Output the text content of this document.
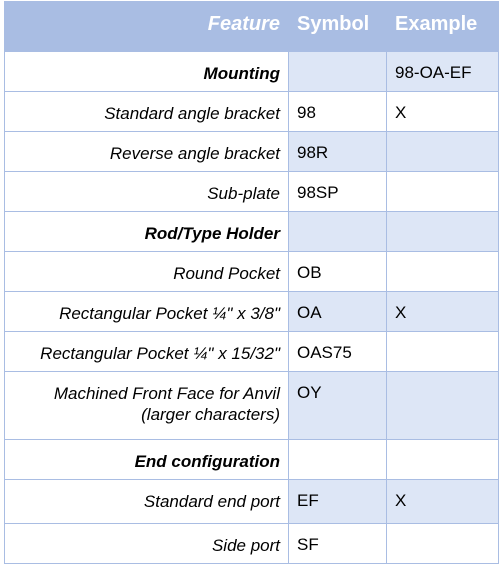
Feature	Symbol	Example
Mounting		98-OA-EF
Standard angle bracket	98	X
Reverse angle bracket	98R	
Sub-plate	98SP	
Rod/Type Holder		
Round Pocket	OB	
Rectangular Pocket ¼" x 3/8"	OA	X
Rectangular Pocket ¼" x 15/32"	OAS75	
Machined Front Face for Anvil (larger characters)	OY	
End configuration		
Standard end port	EF	X
Side port	SF	
